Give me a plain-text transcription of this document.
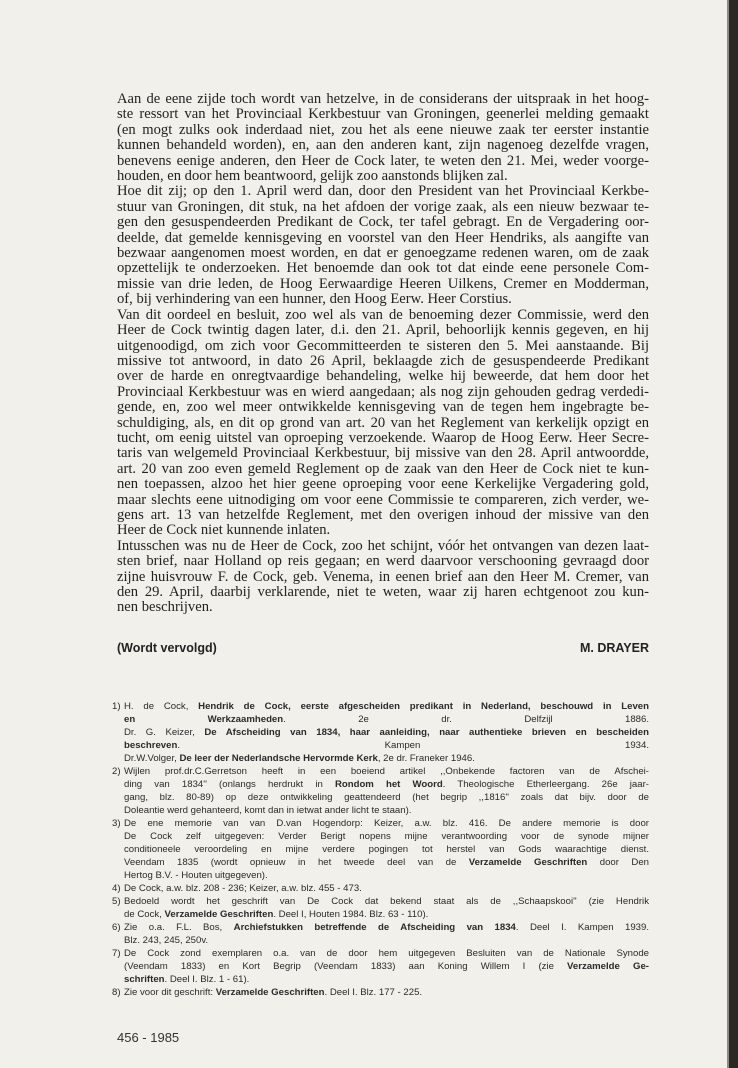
Aan de eene zijde toch wordt van hetzelve, in de considerans der uitspraak in het hoog-
ste ressort van het Provinciaal Kerkbestuur van Groningen, geenerlei melding gemaakt
(en mogt zulks ook inderdaad niet, zou het als eene nieuwe zaak ter eerster instantie
kunnen behandeld worden), en, aan den anderen kant, zijn nagenoeg dezelfde vragen,
benevens eenige anderen, den Heer de Cock later, te weten den 21. Mei, weder voorge-
houden, en door hem beantwoord, gelijk zoo aanstonds blijken zal.
Hoe dit zij; op den 1. April werd dan, door den President van het Provinciaal Kerkbe-
stuur van Groningen, dit stuk, na het afdoen der vorige zaak, als een nieuw bezwaar te-
gen den gesuspendeerden Predikant de Cock, ter tafel gebragt. En de Vergadering oor-
deelde, dat gemelde kennisgeving en voorstel van den Heer Hendriks, als aangifte van
bezwaar aangenomen moest worden, en dat er genoegzame redenen waren, om de zaak
opzettelijk te onderzoeken. Het benoemde dan ook tot dat einde eene personele Com-
missie van drie leden, de Hoog Eerwaardige Heeren Uilkens, Cremer en Modderman,
of, bij verhindering van een hunner, den Hoog Eerw. Heer Corstius.
Van dit oordeel en besluit, zoo wel als van de benoeming dezer Commissie, werd den
Heer de Cock twintig dagen later, d.i. den 21. April, behoorlijk kennis gegeven, en hij
uitgenoodigd, om zich voor Gecommitteerden te sisteren den 5. Mei aanstaande. Bij
missive tot antwoord, in dato 26 April, beklaagde zich de gesuspendeerde Predikant
over de harde en onregtvaardige behandeling, welke hij beweerde, dat hem door het
Provinciaal Kerkbestuur was en wierd aangedaan; als nog zijn gehouden gedrag verdedi-
gende, en, zoo wel meer ontwikkelde kennisgeving van de tegen hem ingebragte be-
schuldiging, als, en dit op grond van art. 20 van het Reglement van kerkelijk opzigt en
tucht, om eenig uitstel van oproeping verzoekende. Waarop de Hoog Eerw. Heer Secre-
taris van welgemeld Provinciaal Kerkbestuur, bij missive van den 28. April antwoordde,
art. 20 van zoo even gemeld Reglement op de zaak van den Heer de Cock niet te kun-
nen toepassen, alzoo het hier geene oproeping voor eene Kerkelijke Vergadering gold,
maar slechts eene uitnodiging om voor eene Commissie te compareren, zich verder, we-
gens art. 13 van hetzelfde Reglement, met den overigen inhoud der missive van den
Heer de Cock niet kunnende inlaten.
Intusschen was nu de Heer de Cock, zoo het schijnt, vóór het ontvangen van dezen laat-
sten brief, naar Holland op reis gegaan; en werd daarvoor verschooning gevraagd door
zijne huisvrouw F. de Cock, geb. Venema, in eenen brief aan den Heer M. Cremer, van
den 29. April, daarbij verklarende, niet te weten, waar zij haren echtgenoot zou kun-
nen beschrijven.
(Wordt vervolgd)	M. DRAYER
1) H. de Cock, Hendrik de Cock, eerste afgescheiden predikant in Nederland, beschouwd in Leven
en Werkzaamheden. 2e dr. Delfzijl 1886.
Dr. G. Keizer, De Afscheiding van 1834, haar aanleiding, naar authentieke brieven en bescheiden
beschreven. Kampen 1934.
Dr.W.Volger, De leer der Nederlandsche Hervormde Kerk, 2e dr. Franeker 1946.
2) Wijlen prof.dr.C.Gerretson heeft in een boeiend artikel ,,Onbekende factoren van de Afschei-
ding van 1834'' (onlangs herdrukt in Rondom het Woord. Theologische Etherleergang. 26e jaar-
gang, blz. 80-89) op deze ontwikkeling geattendeerd (het begrip ,,1816'' zoals dat bijv. door de
Doleantie werd gehanteerd, komt dan in ietwat ander licht te staan).
3) De ene memorie van van D.van Hogendorp: Keizer, a.w. blz. 416. De andere memorie is door
De Cock zelf uitgegeven: Verder Berigt nopens mijne verantwoording voor de synode mijner
conditioneele veroordeling en mijne verdere pogingen tot herstel van Gods waarachtige dienst.
Veendam 1835 (wordt opnieuw in het tweede deel van de Verzamelde Geschriften door Den
Hertog B.V. - Houten uitgegeven).
4) De Cock, a.w. blz. 208 - 236; Keizer, a.w. blz. 455 - 473.
5) Bedoeld wordt het geschrift van De Cock dat bekend staat als de ,,Schaapskooi'' (zie Hendrik
de Cock, Verzamelde Geschriften. Deel I, Houten 1984. Blz. 63 - 110).
6) Zie o.a. F.L. Bos, Archiefstukken betreffende de Afscheiding van 1834. Deel I. Kampen 1939.
Blz. 243, 245, 250v.
7) De Cock zond exemplaren o.a. van de door hem uitgegeven Besluiten van de Nationale Synode
(Veendam 1833) en Kort Begrip (Veendam 1833) aan Koning Willem I (zie Verzamelde Ge-
schriften. Deel I. Blz. 1 - 61).
8) Zie voor dit geschrift: Verzamelde Geschriften. Deel I. Blz. 177 - 225.
456 - 1985
